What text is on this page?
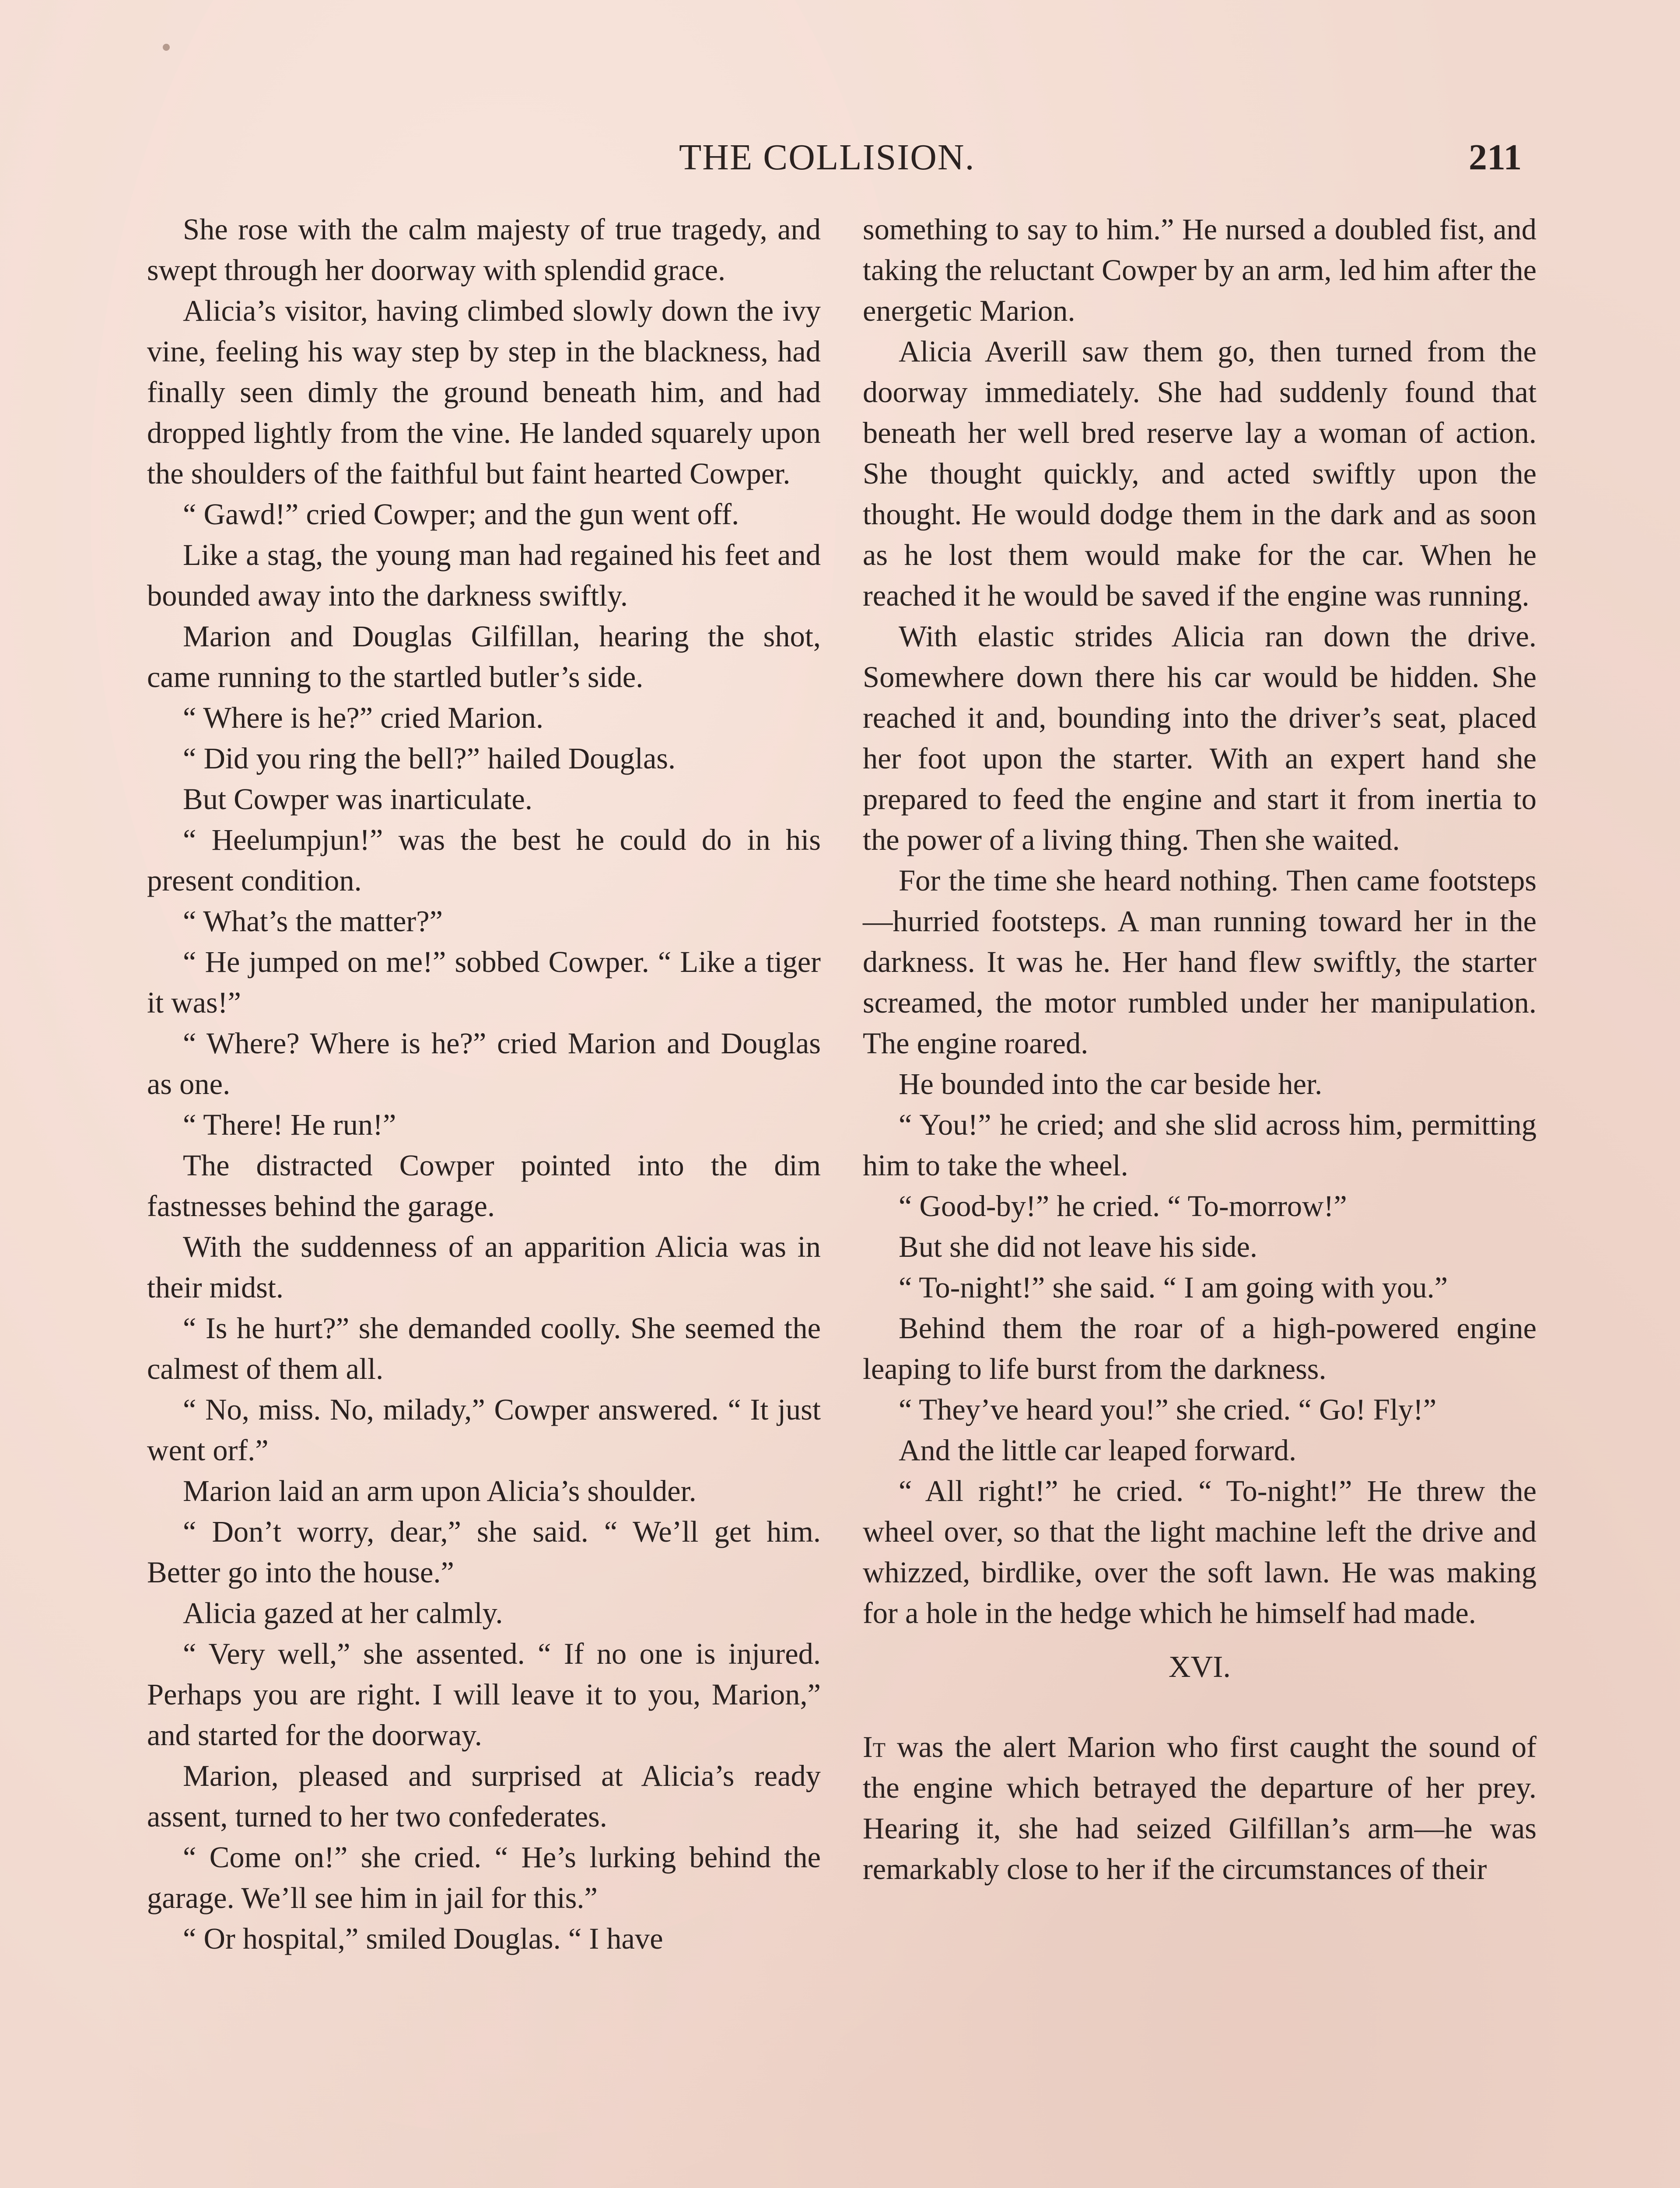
THE COLLISION.	211

She rose with the calm majesty of true tragedy, and swept through her doorway with splendid grace.

Alicia’s visitor, having climbed slowly down the ivy vine, feeling his way step by step in the blackness, had finally seen dimly the ground beneath him, and had dropped lightly from the vine. He landed squarely upon the shoulders of the faithful but faint hearted Cowper.

“ Gawd!” cried Cowper; and the gun went off.

Like a stag, the young man had regained his feet and bounded away into the darkness swiftly.

Marion and Douglas Gilfillan, hearing the shot, came running to the startled butler’s side.

“ Where is he?” cried Marion.

“ Did you ring the bell?” hailed Douglas.

But Cowper was inarticulate.

“ Heelumpjun!” was the best he could do in his present condition.

“ What’s the matter?”

“ He jumped on me!” sobbed Cowper. “ Like a tiger it was!”

“ Where? Where is he?” cried Marion and Douglas as one.

“ There! He run!”

The distracted Cowper pointed into the dim fastnesses behind the garage.

With the suddenness of an apparition Alicia was in their midst.

“ Is he hurt?” she demanded coolly. She seemed the calmest of them all.

“ No, miss. No, milady,” Cowper answered. “ It just went orf.”

Marion laid an arm upon Alicia’s shoulder.

“ Don’t worry, dear,” she said. “ We’ll get him. Better go into the house.”

Alicia gazed at her calmly.

“ Very well,” she assented. “ If no one is injured. Perhaps you are right. I will leave it to you, Marion,” and started for the doorway.

Marion, pleased and surprised at Alicia’s ready assent, turned to her two confederates.

“ Come on!” she cried. “ He’s lurking behind the garage. We’ll see him in jail for this.”

“ Or hospital,” smiled Douglas. “ I have

something to say to him.” He nursed a doubled fist, and taking the reluctant Cowper by an arm, led him after the energetic Marion.

Alicia Averill saw them go, then turned from the doorway immediately. She had suddenly found that beneath her well bred reserve lay a woman of action. She thought quickly, and acted swiftly upon the thought. He would dodge them in the dark and as soon as he lost them would make for the car. When he reached it he would be saved if the engine was running.

With elastic strides Alicia ran down the drive. Somewhere down there his car would be hidden. She reached it and, bounding into the driver’s seat, placed her foot upon the starter. With an expert hand she prepared to feed the engine and start it from inertia to the power of a living thing. Then she waited.

For the time she heard nothing. Then came footsteps—hurried footsteps. A man running toward her in the darkness. It was he. Her hand flew swiftly, the starter screamed, the motor rumbled under her manipulation. The engine roared.

He bounded into the car beside her.

“ You!” he cried; and she slid across him, permitting him to take the wheel.

“ Good-by!” he cried. “ To-morrow!”

But she did not leave his side.

“ To-night!” she said. “ I am going with you.”

Behind them the roar of a high-powered engine leaping to life burst from the darkness.

“ They’ve heard you!” she cried. “ Go! Fly!”

And the little car leaped forward.

“ All right!” he cried. “ To-night!” He threw the wheel over, so that the light machine left the drive and whizzed, birdlike, over the soft lawn. He was making for a hole in the hedge which he himself had made.

XVI.

It was the alert Marion who first caught the sound of the engine which betrayed the departure of her prey. Hearing it, she had seized Gilfillan’s arm—he was remarkably close to her if the circumstances of their
